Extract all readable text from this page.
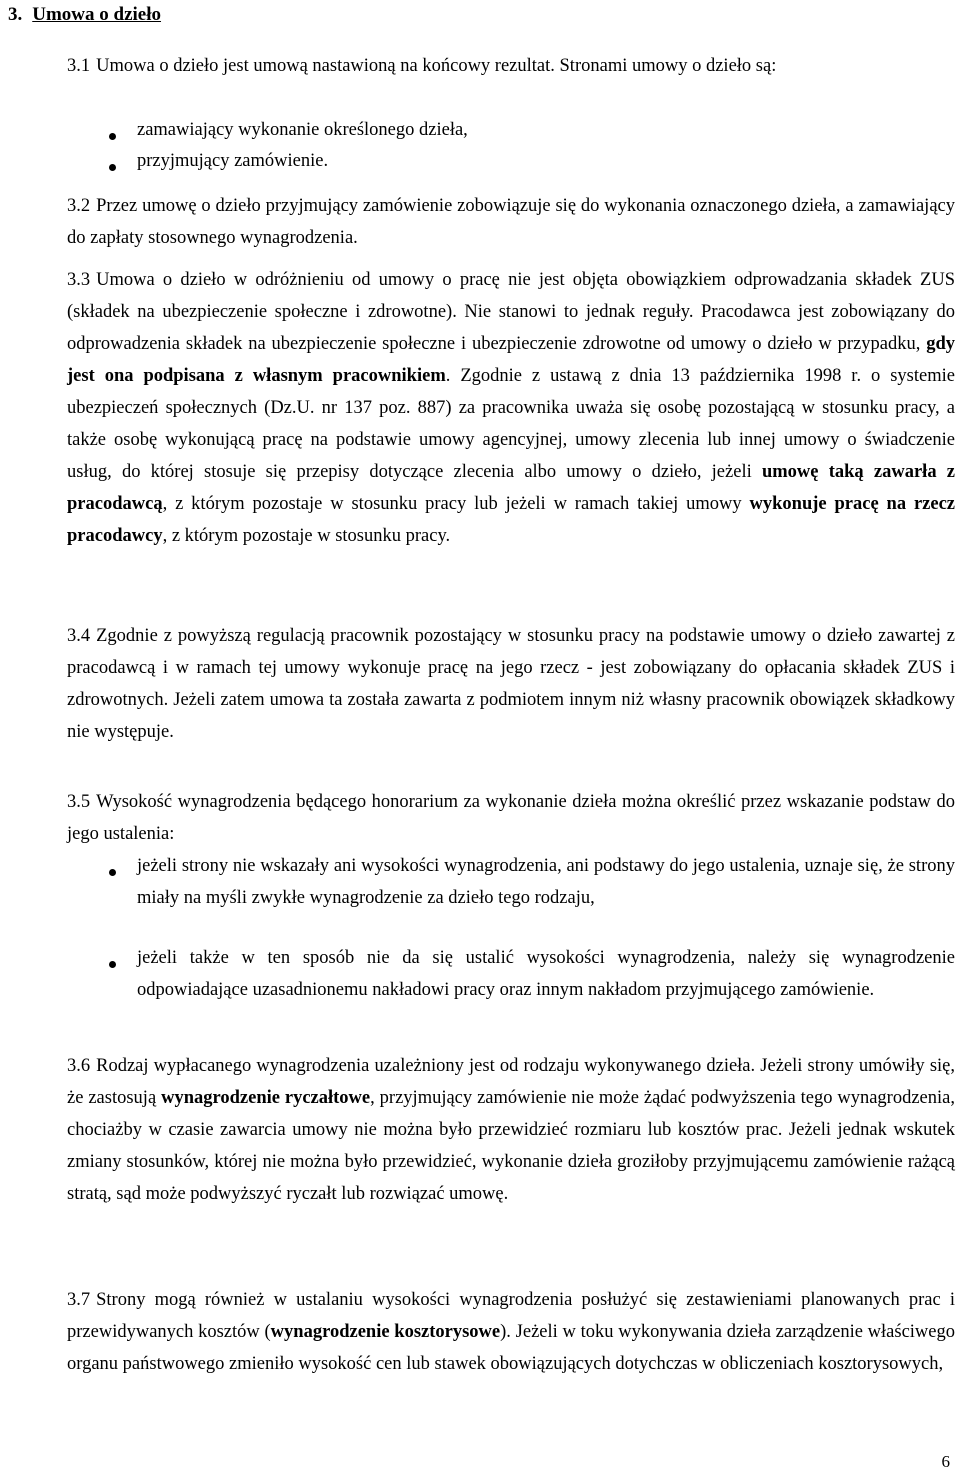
3. Umowa o dzieło

3.1 Umowa o dzieło jest umową nastawioną na końcowy rezultat. Stronami umowy o dzieło są:

zamawiający wykonanie określonego dzieła,

przyjmujący zamówienie.

3.2 Przez umowę o dzieło przyjmujący zamówienie zobowiązuje się do wykonania oznaczonego dzieła, a zamawiający do zapłaty stosownego wynagrodzenia.

3.3 Umowa o dzieło w odróżnieniu od umowy o pracę nie jest objęta obowiązkiem odprowadzania składek ZUS (składek na ubezpieczenie społeczne i zdrowotne). Nie stanowi to jednak reguły. Pracodawca jest zobowiązany do odprowadzenia składek na ubezpieczenie społeczne i ubezpieczenie zdrowotne od umowy o dzieło w przypadku, gdy jest ona podpisana z własnym pracownikiem. Zgodnie z ustawą z dnia 13 października 1998 r. o systemie ubezpieczeń społecznych (Dz.U. nr 137 poz. 887) za pracownika uważa się osobę pozostającą w stosunku pracy, a także osobę wykonującą pracę na podstawie umowy agencyjnej, umowy zlecenia lub innej umowy o świadczenie usług, do której stosuje się przepisy dotyczące zlecenia albo umowy o dzieło, jeżeli umowę taką zawarła z pracodawcą, z którym pozostaje w stosunku pracy lub jeżeli w ramach takiej umowy wykonuje pracę na rzecz pracodawcy, z którym pozostaje w stosunku pracy.

3.4 Zgodnie z powyższą regulacją pracownik pozostający w stosunku pracy na podstawie umowy o dzieło zawartej z pracodawcą i w ramach tej umowy wykonuje pracę na jego rzecz - jest zobowiązany do opłacania składek ZUS i zdrowotnych. Jeżeli zatem umowa ta została zawarta z podmiotem innym niż własny pracownik obowiązek składkowy nie występuje.

3.5 Wysokość wynagrodzenia będącego honorarium za wykonanie dzieła można określić przez wskazanie podstaw do jego ustalenia:

jeżeli strony nie wskazały ani wysokości wynagrodzenia, ani podstawy do jego ustalenia, uznaje się, że strony miały na myśli zwykłe wynagrodzenie za dzieło tego rodzaju,

jeżeli także w ten sposób nie da się ustalić wysokości wynagrodzenia, należy się wynagrodzenie odpowiadające uzasadnionemu nakładowi pracy oraz innym nakładom przyjmującego zamówienie.

3.6 Rodzaj wypłacanego wynagrodzenia uzależniony jest od rodzaju wykonywanego dzieła. Jeżeli strony umówiły się, że zastosują wynagrodzenie ryczałtowe, przyjmujący zamówienie nie może żądać podwyższenia tego wynagrodzenia, chociażby w czasie zawarcia umowy nie można było przewidzieć rozmiaru lub kosztów prac. Jeżeli jednak wskutek zmiany stosunków, której nie można było przewidzieć, wykonanie dzieła groziłoby przyjmującemu zamówienie rażącą stratą, sąd może podwyższyć ryczałt lub rozwiązać umowę.

3.7 Strony mogą również w ustalaniu wysokości wynagrodzenia posłużyć się zestawieniami planowanych prac i przewidywanych kosztów (wynagrodzenie kosztorysowe). Jeżeli w toku wykonywania dzieła zarządzenie właściwego organu państwowego zmieniło wysokość cen lub stawek obowiązujących dotychczas w obliczeniach kosztorysowych,

6
